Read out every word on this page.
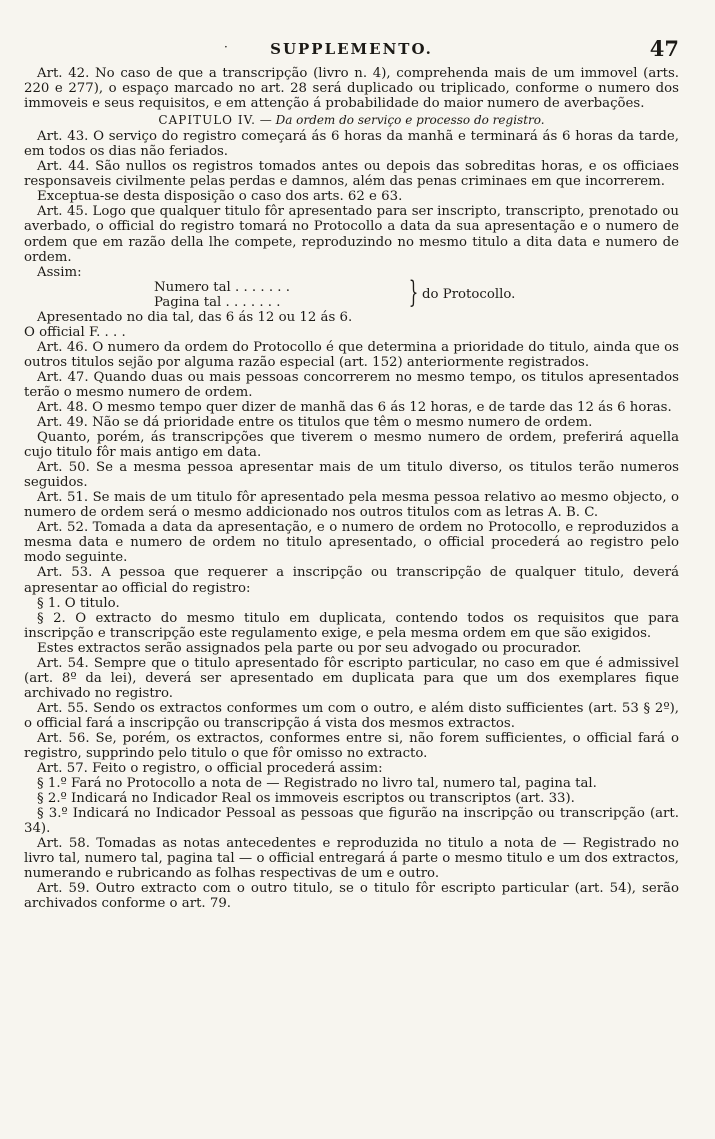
·	SUPPLEMENTO.	47

Art. 42. No caso de que a transcripção (livro n. 4), comprehenda mais de um immovel (arts. 220 e 277), o espaço marcado no art. 28 será duplicado ou triplicado, conforme o numero dos immoveis e seus requisitos, e em attenção á probabilidade do maior numero de averbações.

CAPITULO IV. — Da ordem do serviço e processo do registro.

Art. 43. O serviço do registro começará ás 6 horas da manhã e terminará ás 6 horas da tarde, em todos os dias não feriados.

Art. 44. São nullos os registros tomados antes ou depois das sobreditas horas, e os officiaes responsaveis civilmente pelas perdas e damnos, além das penas criminaes em que incorrerem.

Exceptua-se desta disposição o caso dos arts. 62 e 63.

Art. 45. Logo que qualquer titulo fôr apresentado para ser inscripto, transcripto, prenotado ou averbado, o official do registro tomará no Protocollo a data da sua apresentação e o numero de ordem que em razão della lhe compete, reproduzindo no mesmo titulo a dita data e numero de ordem.

Assim:

Numero tal . . . . . . .
Pagina tal . . . . . . .	} do Protocollo.

Apresentado no dia tal, das 6 ás 12 ou 12 ás 6.

O official F. . . .

Art. 46. O numero da ordem do Protocollo é que determina a prioridade do titulo, ainda que os outros titulos sejão por alguma razão especial (art. 152) anteriormente registrados.

Art. 47. Quando duas ou mais pessoas concorrerem no mesmo tempo, os titulos apresentados terão o mesmo numero de ordem.

Art. 48. O mesmo tempo quer dizer de manhã das 6 ás 12 horas, e de tarde das 12 ás 6 horas.

Art. 49. Não se dá prioridade entre os titulos que têm o mesmo numero de ordem.

Quanto, porém, ás transcripções que tiverem o mesmo numero de ordem, preferirá aquella cujo titulo fôr mais antigo em data.

Art. 50. Se a mesma pessoa apresentar mais de um titulo diverso, os titulos terão numeros seguidos.

Art. 51. Se mais de um titulo fôr apresentado pela mesma pessoa relativo ao mesmo objecto, o numero de ordem será o mesmo addicionado nos outros titulos com as letras A. B. C.

Art. 52. Tomada a data da apresentação, e o numero de ordem no Protocollo, e reproduzidos a mesma data e numero de ordem no titulo apresentado, o official procederá ao registro pelo modo seguinte.

Art. 53. A pessoa que requerer a inscripção ou transcripção de qualquer titulo, deverá apresentar ao official do registro:

§ 1. O titulo.

§ 2. O extracto do mesmo titulo em duplicata, contendo todos os requisitos que para inscripção e transcripção este regulamento exige, e pela mesma ordem em que são exigidos.

Estes extractos serão assignados pela parte ou por seu advogado ou procurador.

Art. 54. Sempre que o titulo apresentado fôr escripto particular, no caso em que é admissivel (art. 8º da lei), deverá ser apresentado em duplicata para que um dos exemplares fique archivado no registro.

Art. 55. Sendo os extractos conformes um com o outro, e além disto sufficientes (art. 53 § 2º), o official fará a inscripção ou transcripção á vista dos mesmos extractos.

Art. 56. Se, porém, os extractos, conformes entre si, não forem sufficientes, o official fará o registro, supprindo pelo titulo o que fôr omisso no extracto.

Art. 57. Feito o registro, o official procederá assim:

§ 1.º Fará no Protocollo a nota de — Registrado no livro tal, numero tal, pagina tal.

§ 2.º Indicará no Indicador Real os immoveis escriptos ou transcriptos (art. 33).

§ 3.º Indicará no Indicador Pessoal as pessoas que figurão na inscripção ou transcripção (art. 34).

Art. 58. Tomadas as notas antecedentes e reproduzida no titulo a nota de — Registrado no livro tal, numero tal, pagina tal — o official entregará á parte o mesmo titulo e um dos extractos, numerando e rubricando as folhas respectivas de um e outro.

Art. 59. Outro extracto com o outro titulo, se o titulo fôr escripto particular (art. 54), serão archivados conforme o art. 79.
